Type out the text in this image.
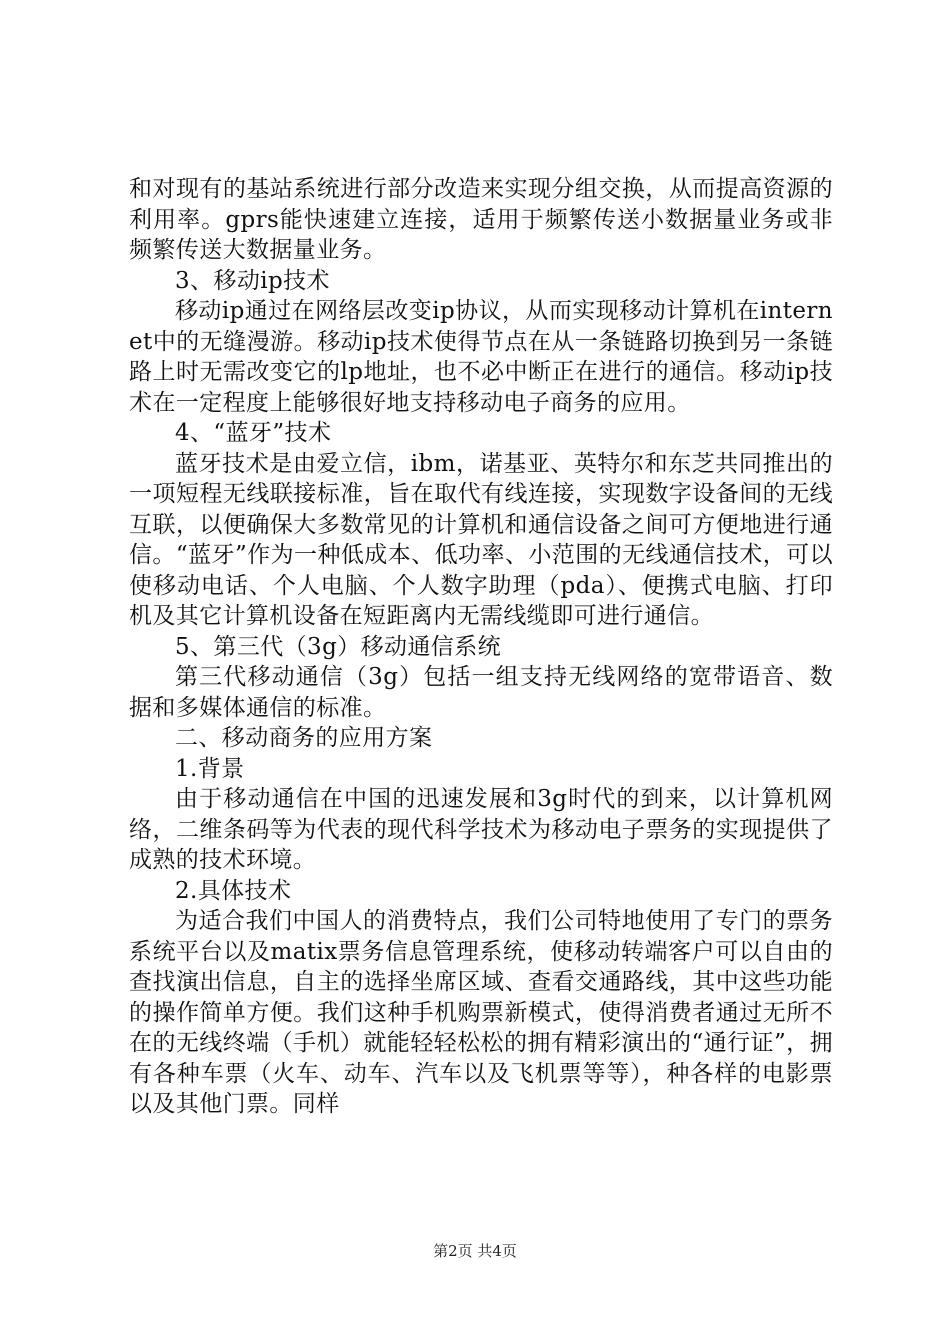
和对现有的基站系统进行部分改造来实现分组交换，从而提高资源的利用率。gprs能快速建立连接，适用于频繁传送小数据量业务或非频繁传送大数据量业务。

3、移动ip技术

移动ip通过在网络层改变ip协议，从而实现移动计算机在internet中的无缝漫游。移动ip技术使得节点在从一条链路切换到另一条链路上时无需改变它的lp地址，也不必中断正在进行的通信。移动ip技术在一定程度上能够很好地支持移动电子商务的应用。

4、“蓝牙”技术

蓝牙技术是由爱立信，ibm，诺基亚、英特尔和东芝共同推出的一项短程无线联接标准，旨在取代有线连接，实现数字设备间的无线互联，以便确保大多数常见的计算机和通信设备之间可方便地进行通信。“蓝牙”作为一种低成本、低功率、小范围的无线通信技术，可以使移动电话、个人电脑、个人数字助理（pda）、便携式电脑、打印机及其它计算机设备在短距离内无需线缆即可进行通信。

5、第三代（3g）移动通信系统

第三代移动通信（3g）包括一组支持无线网络的宽带语音、数据和多媒体通信的标准。

二、移动商务的应用方案

1.背景

由于移动通信在中国的迅速发展和3g时代的到来，以计算机网络，二维条码等为代表的现代科学技术为移动电子票务的实现提供了成熟的技术环境。

2.具体技术

为适合我们中国人的消费特点，我们公司特地使用了专门的票务系统平台以及matix票务信息管理系统，使移动转端客户可以自由的查找演出信息，自主的选择坐席区域、查看交通路线，其中这些功能的操作简单方便。我们这种手机购票新模式，使得消费者通过无所不在的无线终端（手机）就能轻轻松松的拥有精彩演出的“通行证”，拥有各种车票（火车、动车、汽车以及飞机票等等），种各样的电影票以及其他门票。同样

第2页 共4页
